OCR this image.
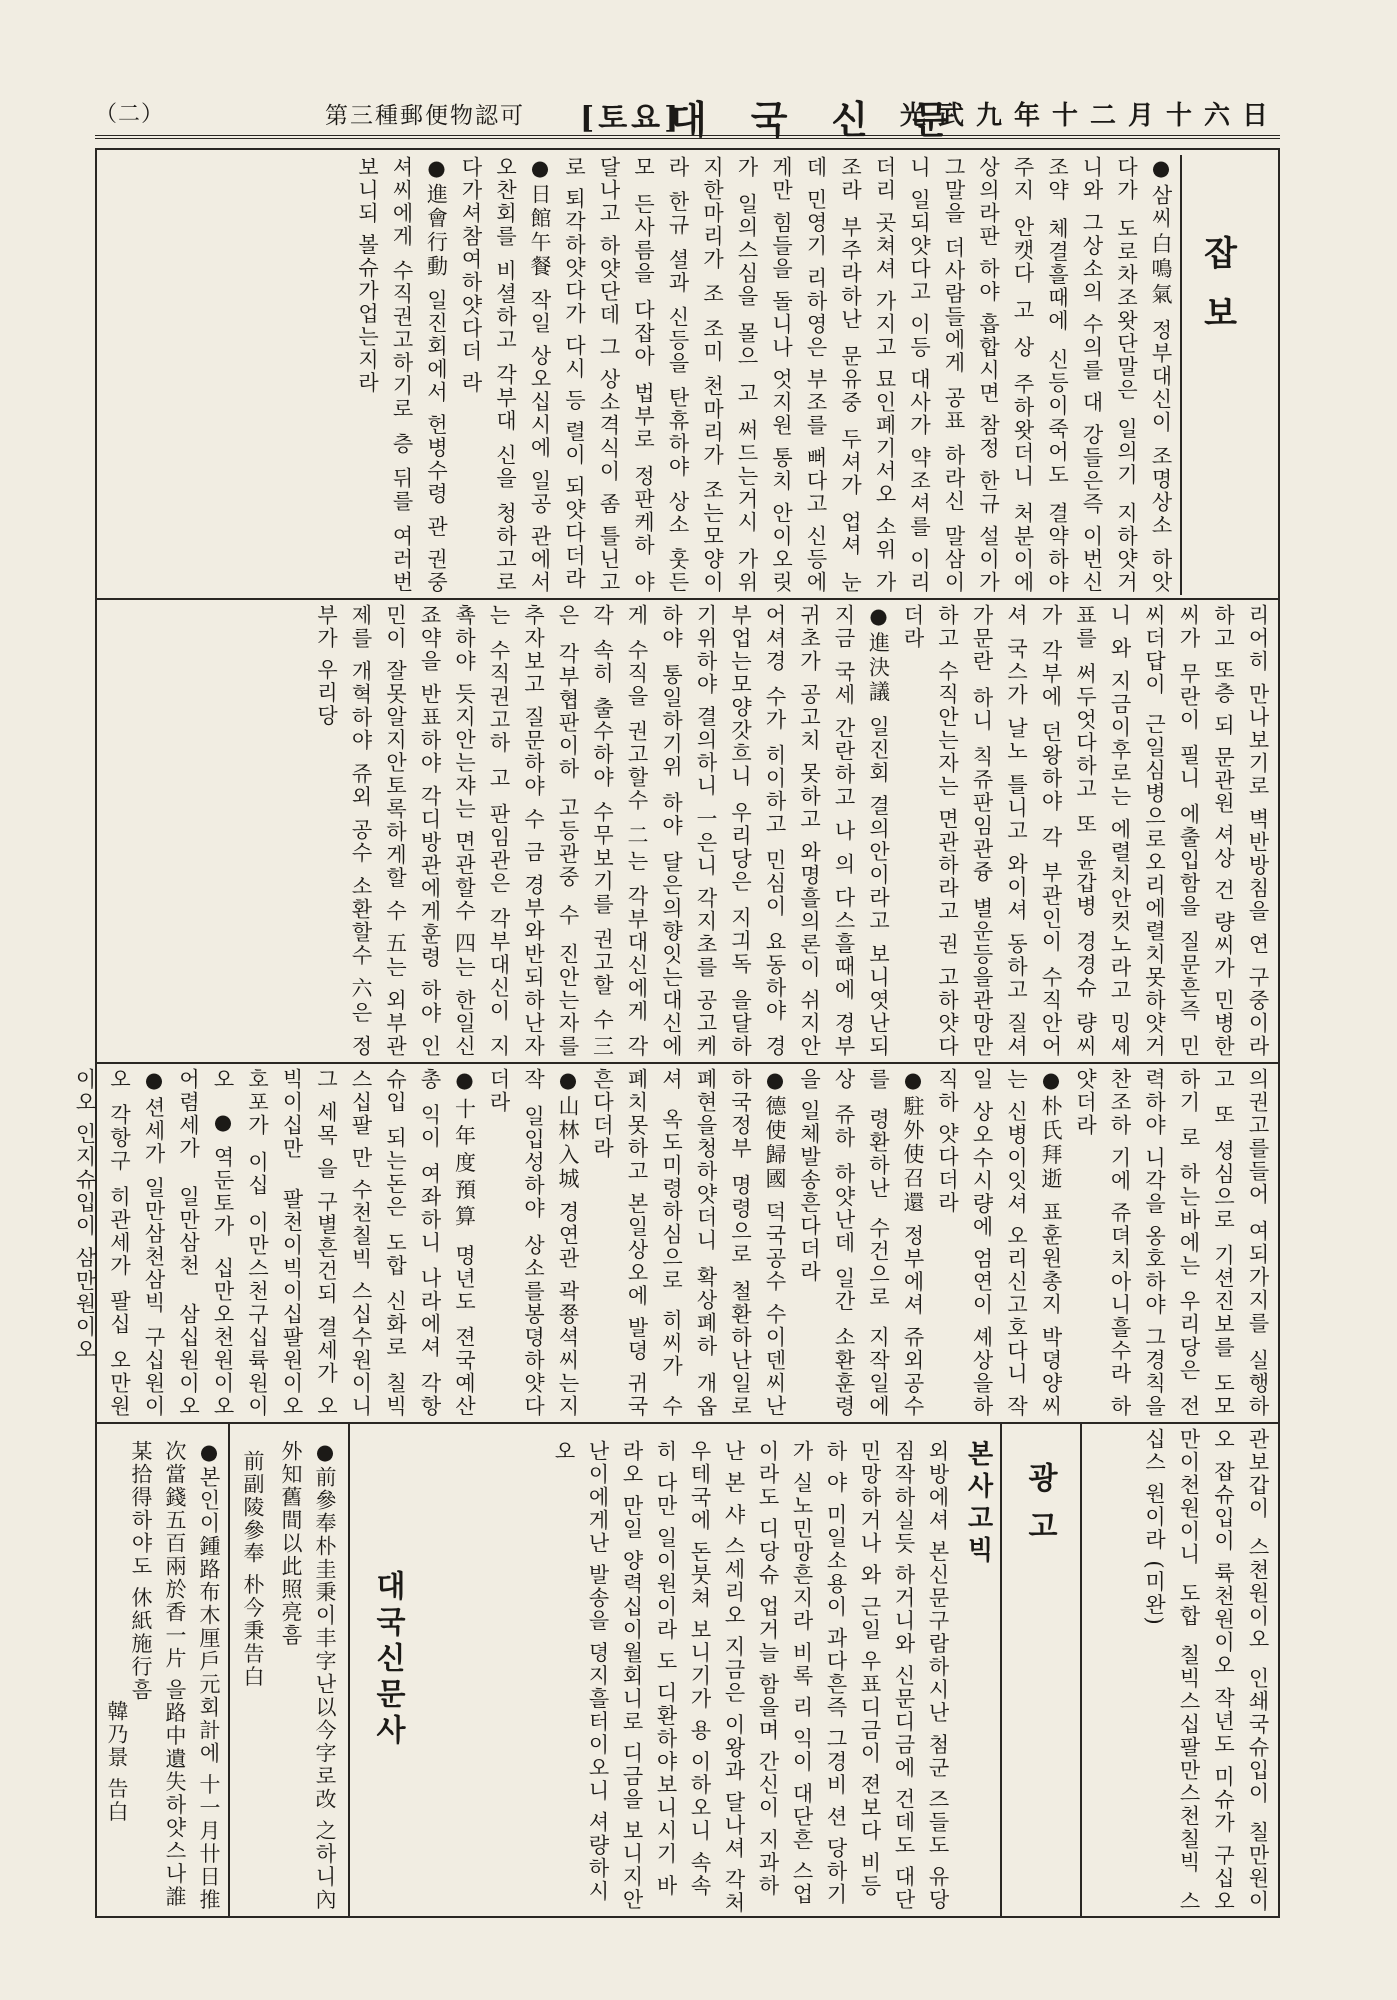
（二）	第三種郵便物認可 [토요]
대국신문
光武九年十二月十六日
잡보

●삼씨白鳴氣 정부대신이 조명상소 하앗다가 도로차조왓단말은 일의기 지하얏거니와 그상소의 수의를 대 강들은즉 이번신조약 체결흘때에 신등이죽어도 결약하야주지 안캣다 고 상 주하왓더니 처분이에 상의라판 하야 흡합시면 참정 한규 설이가 그말을 더사람들에게 공표 하라신 말삼이니 일되얏다고 이등 대사가 약조셔를 이리더리 곳쳐셔 가지고 묘인폐기서오 소위 가조라 부주라하난 문유중 두셔가 업셔 눈 데 민영기 리하영은 부조를 뻐다고 신등에게만 힘들을 돌니나 엇지원 통치 안이오릿가 일의스심을 몰으 고 써드는거시 가위 지한마리가 조 조미 천마리가 조는모양이라 한규 셜과 신등을 탄휴하야 상소 훗든모 든사름을 다잡아 법부로 정판케하 야 달나고 하얏단데 그 상소격식이 좀 틀닌고로 퇴각하얏다가 다시 등 렬이 되얏다더라

●日館午餐 작일 상오십시에 일공 관에서 오찬회를 비셜하고 각부대 신을 청하고로 다가셔참여하얏다더 라

●進會行動 일진회에서 헌병수령 관 권중셔씨에게 수직권고하기로 층 뒤를 여러번보니되 볼슈가업는지라

리어히 만나보기로 벽반방침을 연 구중이라하고 또층 되 문관원 셔상 건 량씨가 민병한씨가 무란이 필니 에출입함을 질문흔즉 민씨더답이 근일심병으로오리에렬치못하얏거니 와 지금이후로는 에렬치안컷노라고 밍셰표를 써두엇다하고 또 윤갑병 경경슈 량씨가 각부에 던왕하야 각 부관인이 수직안어셔 국스가 날노 틀니고 와이셔 동하고 질셔가문란 하니 칙쥬판임관즁 별운등을관망만 하고 수직안는자는 면관하라고 권 고하얏다더라

●進決議 일진회 결의안이라고 보니엿난되 지금 국세 간란하고 나 의 다스흘때에 경부귀초가 공고치 못하고 와명흘의론이 쉬지안어셔경 수가 히이하고 민심이 요동하야 경 부업는모양갓흐니 우리당은 지긔독 을달하기위하야 결의하니 一은니 각지초를 공고케하야 통일하기위 하야 달은의향잇는대신에게 수직을 권고할수 二는 각부대신에게 각각 속히 출수하야 수무보기를 권고할 수三은 각부협판이하 고등관중 수 진안는자를 추자보고 질문하야 수 금 경부와반되하난자는 수직권고하 고 판임관은 각부대신이 지쵹하야 듯지안는쟈는 면관할수 四는 한일신 죠약을 반표하야 각디방관에게훈령 하야 인민이 잘못알지안토록하게할 수 五는 외부관제를 개혁하야 쥬외 공수 소환할수 六은 정부가 우리당

의권고를들어 여되가지를 실행하고 또 셩심으로 기션진보를 도모하기 로 하는바에는 우리당은 전력하야 니각을 옹호하야 그경칙을 찬조하 기에 쥬뎌치아니흘수라 하얏더라

●朴氏拜逝 표훈원총지 박뎡양씨는 신병이잇셔 오리신고호다니 작일 상오수시량에 엄연이 셰상을하직하 얏다더라

●駐外使召還 정부에셔 쥬외공수 를 령환하난 수건으로 지작일에 상 쥬하 하얏난데 일간 소환훈령을 일체발송흔다더라

●德使歸國 덕국공수 수이덴씨난 하국정부 명령으로 철환하난일로 폐현을청하얏더니 확상폐하 개옵셔 옥도미령하심으로 히씨가 수 폐치못하고 본일상오에 발뎡 귀국흔다더라

●山林入城 경연관 곽쭁셕씨는지작 일입성하야 상소를봉뎡하얏다더라

●十年度預算 명년도 젼국예산 총 익이 여좌하니 나라에셔 각항 슈입 되는돈은 도합 신화로 칠빅스십팔 만 수천칠빅 스십수원이니 그 세목 을 구별흔건되 결세가 오빅이십만 팔천이빅이십팔원이오 호포가 이십 이만스천구십륙원이오 ●역둔토가 십만오천원이오 어렴세가 일만삼천 삼십원이오 ●션세가 일만삼천삼빅 구십원이오 각항구 히관세가 팔십 오만원이오 인지슈입이 삼만원이오

관보갑이 스쳔원이오 인쇄국슈입이 칠만원이오 잡슈입이 륙천원이오 작년도 미슈가 구십오만이천원이니 도합 칠빅스십팔만스천칠빅 스십스 원이라 (미완)

광고
본사고빅
외방에셔 본신문구람하시난 첨군 즈들도 유당 짐작하실듯 하거니와 신문디금에 건데도 대단민망하거나 와 근일 우표디금이 젼보다 비등하 야 미일소용이 과다흔즉 그경비 션 당하기가 실노민망흔지라 비록 리 익이 대단흔 스업이라도 디당슈 업거늘 함을며 간신이 지과하난 본 샤 스세리오 지금은 이왕과 달나셔 각처 우테국에 돈붓쳐 보니기가 용 이하오니 속속히 다만 일이원이라 도 디환하야보니시기 바라오 만일 양력십이월회니로 디금을 보니지안 난이에게난 발송을 뎡지흘터이오니 셔량하시오
대국신문사
●前參奉朴圭秉이丰字난以今字로改 之하니內外知舊間以此照亮흠
前副陵參奉 朴今秉告白
●본인이鍾路布木厘戶元회計에 十一月卄日推次當錢五百兩於香一片 을路中遺失하얏스나誰某拾得하야도 休紙施行흠
韓乃景 告白
